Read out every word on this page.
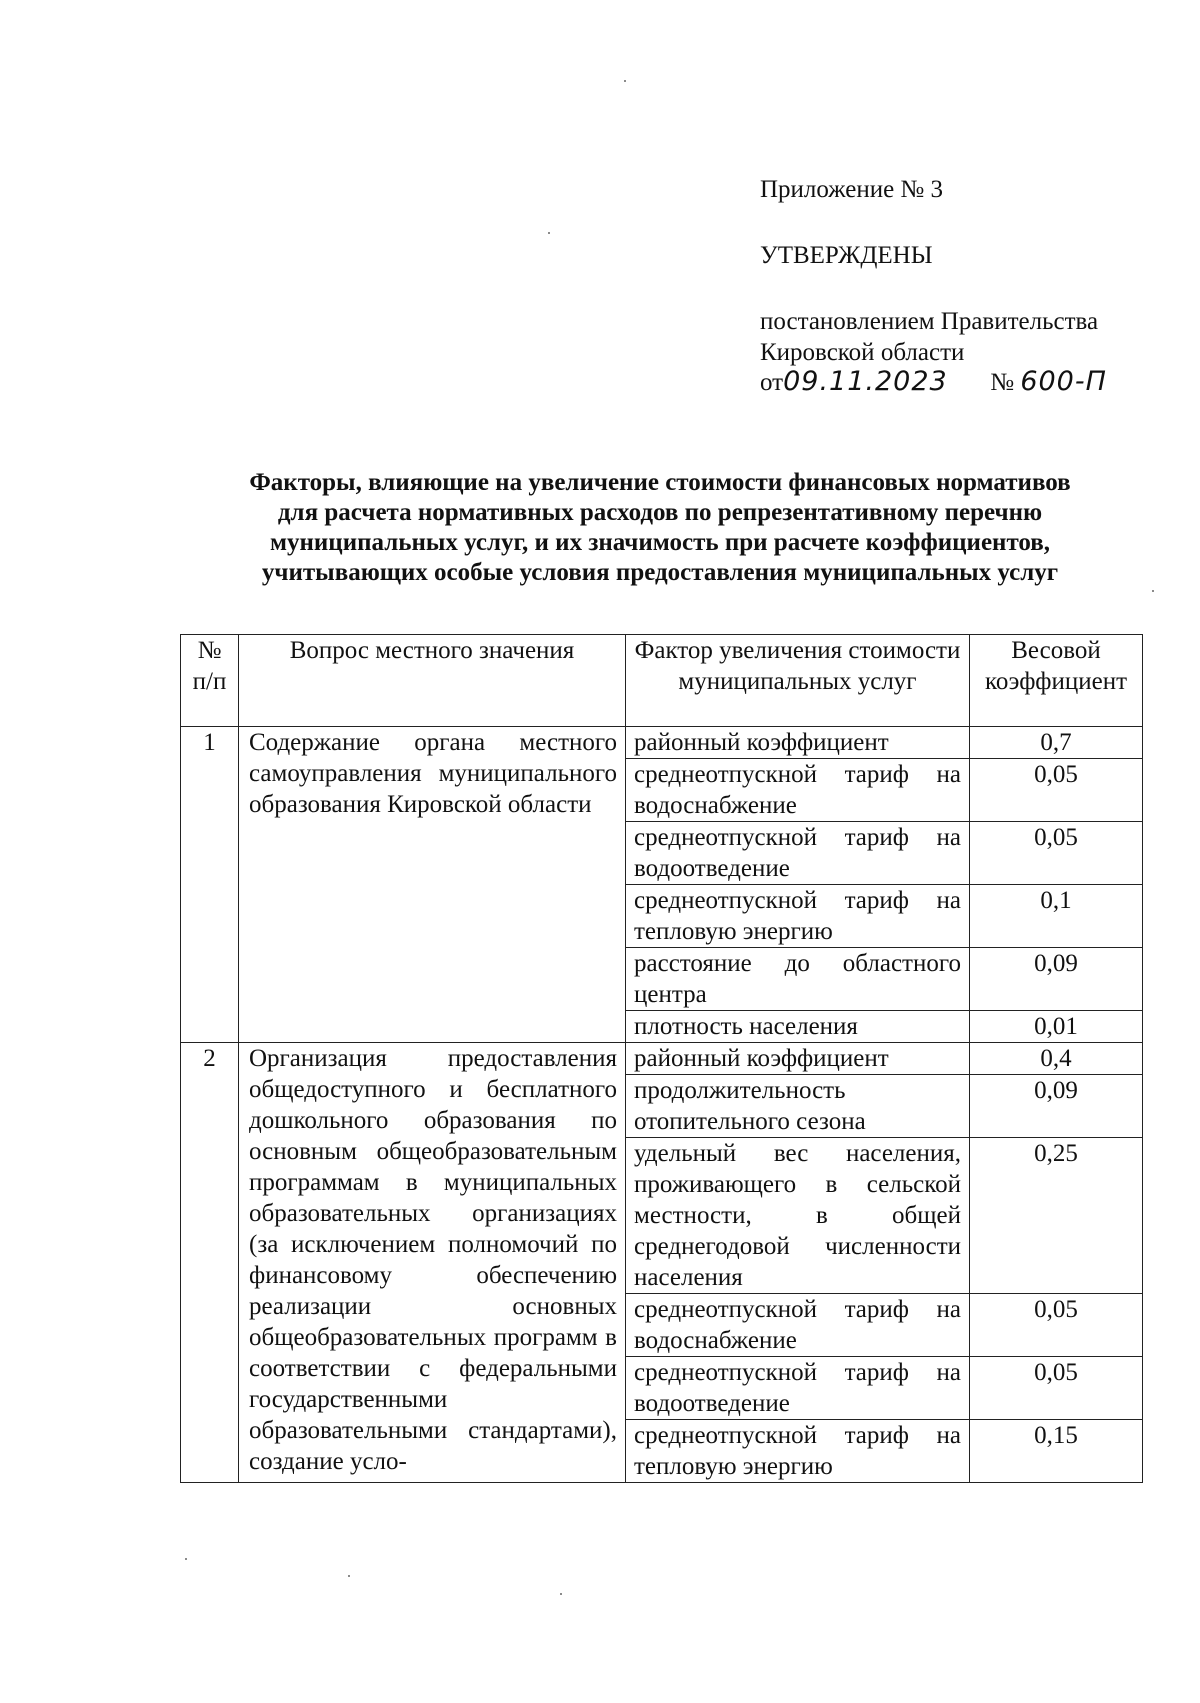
Приложение № 3
УТВЕРЖДЕНЫ
постановлением Правительства
Кировской области
от09.11.2023 № 600-П
Факторы, влияющие на увеличение стоимости финансовых нормативов
для расчета нормативных расходов по репрезентативному перечню
муниципальных услуг, и их значимость при расчете коэффициентов,
учитывающих особые условия предоставления муниципальных услуг
№ п/п	Вопрос местного значения	Фактор увеличения стоимости муниципальных услуг	Весовой коэффициент
1	Содержание органа местного самоуправления муниципального образования Кировской области	районный коэффициент	0,7
		среднеотпускной тариф на водоснабжение	0,05
		среднеотпускной тариф на водоотведение	0,05
		среднеотпускной тариф на тепловую энергию	0,1
		расстояние до областного центра	0,09
		плотность населения	0,01
2	Организация предоставления общедоступного и бесплатного дошкольного образования по основным общеобразовательным программам в муниципальных образовательных организациях (за исключением полномочий по финансовому обеспечению реализации основных общеобразовательных программ в соответствии с федеральными государственными образовательными стандартами), создание усло-	районный коэффициент	0,4
		продолжительность отопительного сезона	0,09
		удельный вес населения, проживающего в сельской местности, в общей среднегодовой численности населения	0,25
		среднеотпускной тариф на водоснабжение	0,05
		среднеотпускной тариф на водоотведение	0,05
		среднеотпускной тариф на тепловую энергию	0,15
